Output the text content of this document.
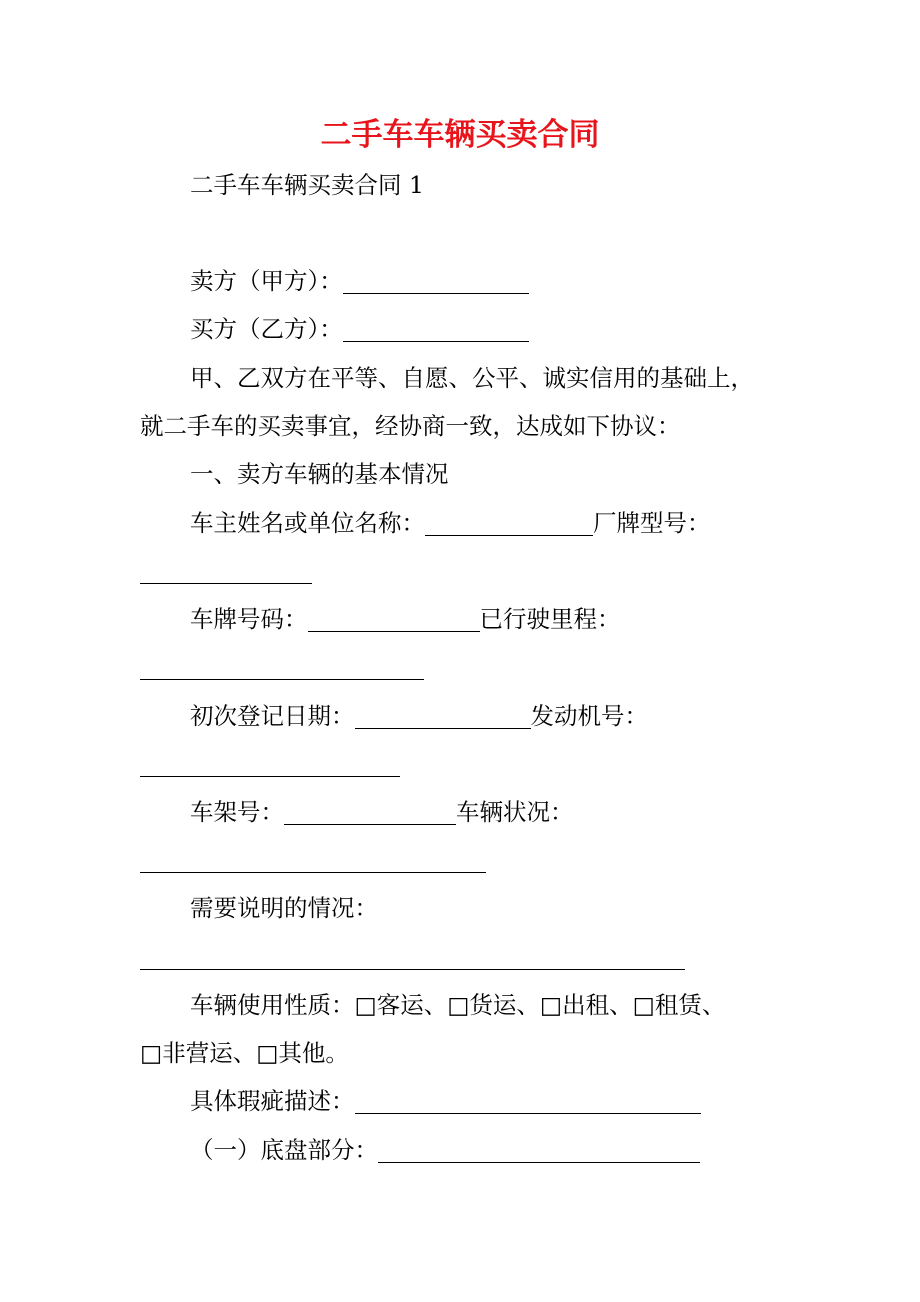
二手车车辆买卖合同
二手车车辆买卖合同 1
卖方（甲方）：
买方（乙方）：
甲、乙双方在平等、自愿、公平、诚实信用的基础上，
就二手车的买卖事宜，经协商一致，达成如下协议：
一、卖方车辆的基本情况
车主姓名或单位名称：	厂牌型号：
车牌号码：	已行驶里程：
初次登记日期：	发动机号：
车架号：	车辆状况：
需要说明的情况：
车辆使用性质：□客运、□货运、□出租、□租赁、
□非营运、□其他。
具体瑕疵描述：
（一）底盘部分：
